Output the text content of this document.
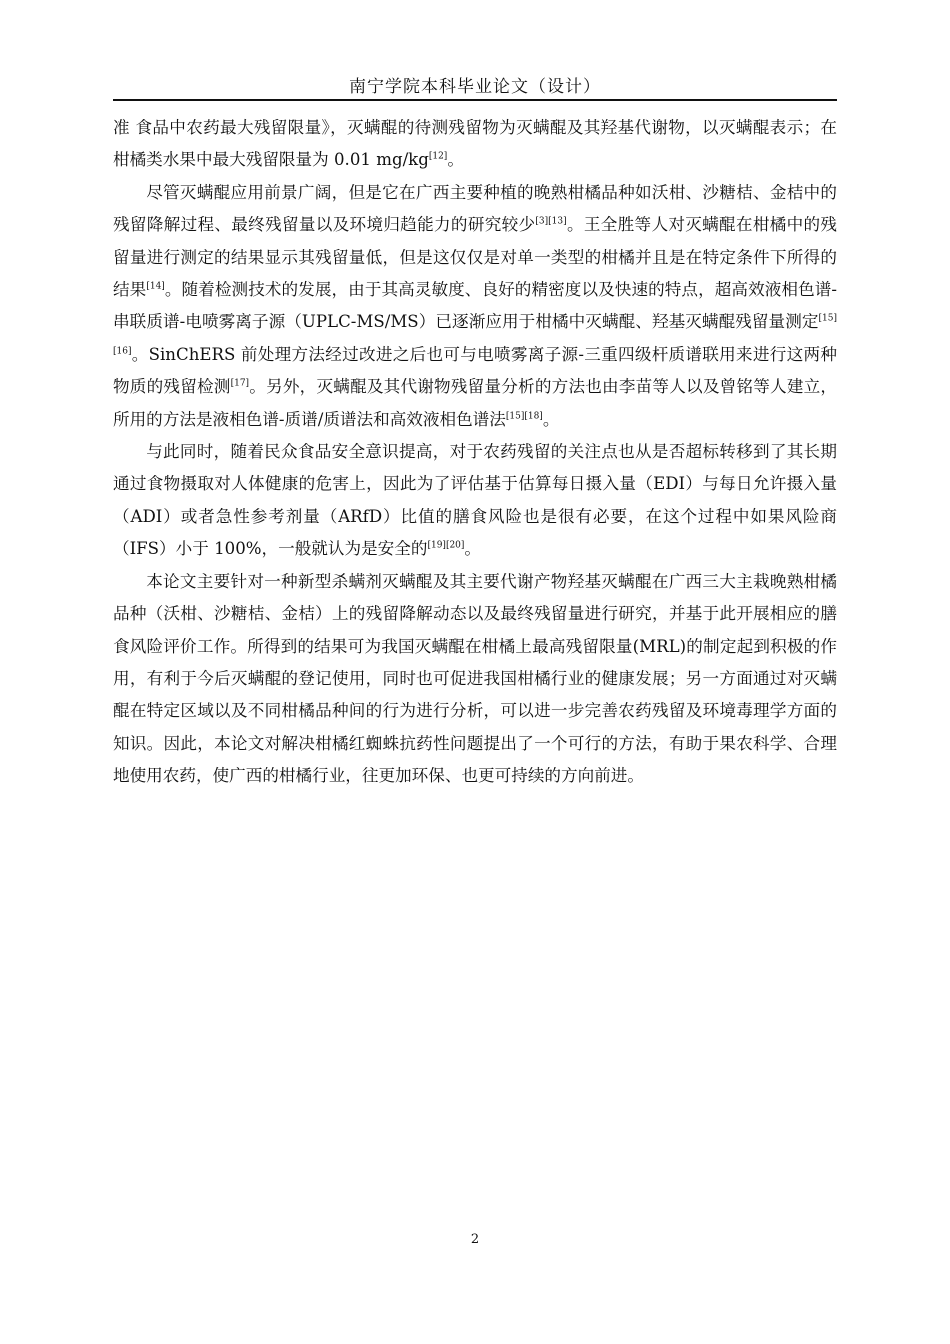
南宁学院本科毕业论文（设计）

准 食品中农药最大残留限量》，灭螨醌的待测残留物为灭螨醌及其羟基代谢物，以灭螨醌表示；在柑橘类水果中最大残留限量为 0.01 mg/kg[12]。

尽管灭螨醌应用前景广阔，但是它在广西主要种植的晚熟柑橘品种如沃柑、沙糖桔、金桔中的残留降解过程、最终残留量以及环境归趋能力的研究较少[3][13]。王全胜等人对灭螨醌在柑橘中的残留量进行测定的结果显示其残留量低，但是这仅仅是对单一类型的柑橘并且是在特定条件下所得的结果[14]。随着检测技术的发展，由于其高灵敏度、良好的精密度以及快速的特点，超高效液相色谱-串联质谱-电喷雾离子源（UPLC-MS/MS）已逐渐应用于柑橘中灭螨醌、羟基灭螨醌残留量测定[15][16]。SinChERS 前处理方法经过改进之后也可与电喷雾离子源-三重四级杆质谱联用来进行这两种物质的残留检测[17]。另外，灭螨醌及其代谢物残留量分析的方法也由李苗等人以及曾铭等人建立，所用的方法是液相色谱-质谱/质谱法和高效液相色谱法[15][18]。

与此同时，随着民众食品安全意识提高，对于农药残留的关注点也从是否超标转移到了其长期通过食物摄取对人体健康的危害上，因此为了评估基于估算每日摄入量（EDI）与每日允许摄入量（ADI）或者急性参考剂量（ARfD）比值的膳食风险也是很有必要，在这个过程中如果风险商（IFS）小于 100%，一般就认为是安全的[19][20]。

本论文主要针对一种新型杀螨剂灭螨醌及其主要代谢产物羟基灭螨醌在广西三大主栽晚熟柑橘品种（沃柑、沙糖桔、金桔）上的残留降解动态以及最终残留量进行研究，并基于此开展相应的膳食风险评价工作。所得到的结果可为我国灭螨醌在柑橘上最高残留限量(MRL)的制定起到积极的作用，有利于今后灭螨醌的登记使用，同时也可促进我国柑橘行业的健康发展；另一方面通过对灭螨醌在特定区域以及不同柑橘品种间的行为进行分析，可以进一步完善农药残留及环境毒理学方面的知识。因此，本论文对解决柑橘红蜘蛛抗药性问题提出了一个可行的方法，有助于果农科学、合理地使用农药，使广西的柑橘行业，往更加环保、也更可持续的方向前进。

2
